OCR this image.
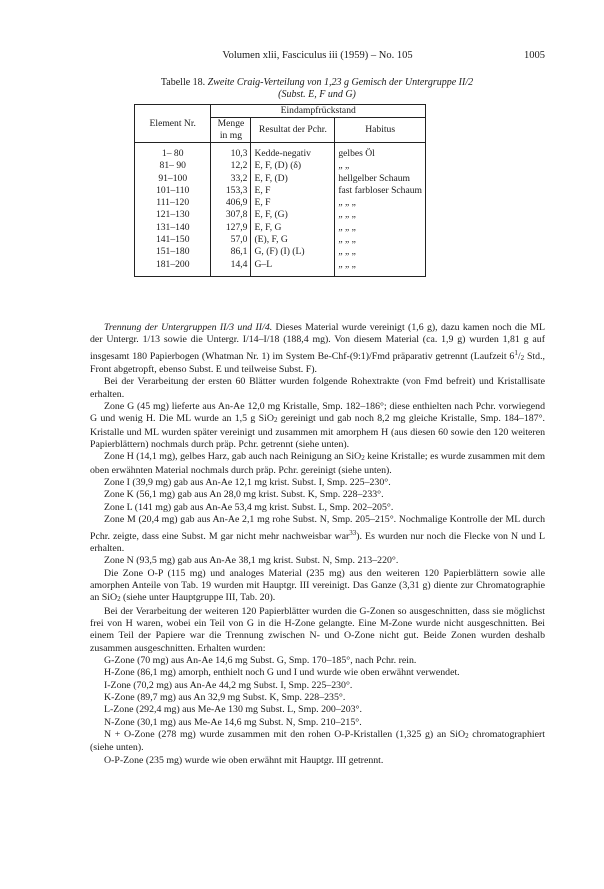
Volumen xlii, Fasciculus iii (1959) – No. 105	1005
Tabelle 18. Zweite Craig-Verteilung von 1,23 g Gemisch der Untergruppe II/2
(Subst. E, F und G)
Element Nr.	Eindampfrückstand		
	Menge in mg	Resultat der Pchr.	Habitus
1– 80	10,3	Kedde-negativ	gelbes Öl
81– 90	12,2	E, F, (D) (δ)	„ „
91–100	33,2	E, F, (D)	hellgelber Schaum
101–110	153,3	E, F	fast farbloser Schaum
111–120	406,9	E, F	„ „ „
121–130	307,8	E, F, (G)	„ „ „
131–140	127,9	E, F, G	„ „ „
141–150	57,0	(E), F, G	„ „ „
151–180	86,1	G, (F) (I) (L)	„ „ „
181–200	14,4	G–L	„ „ „

Trennung der Untergruppen II/3 und II/4. Dieses Material wurde vereinigt (1,6 g), dazu kamen noch die ML der Untergr. 1/13 sowie die Untergr. I/14–I/18 (188,4 mg). Von diesem Material (ca. 1,9 g) wurden 1,81 g auf insgesamt 180 Papierbogen (Whatman Nr. 1) im System Be-Chf-(9:1)/Fmd präparativ getrennt (Laufzeit $6^1/2$ Std., Front abgetropft, ebenso Subst. E und teilweise Subst. F).

Bei der Verarbeitung der ersten 60 Blätter wurden folgende Rohextrakte (von Fmd befreit) und Kristallisate erhalten.

Zone G (45 mg) lieferte aus An-Ae 12,0 mg Kristalle, Smp. 182–186°; diese enthielten nach Pchr. vorwiegend G und wenig H. Die ML wurde an 1,5 g SiO2 gereinigt und gab noch 8,2 mg gleiche Kristalle, Smp. 184–187°. Kristalle und ML wurden später vereinigt und zusammen mit amorphem H (aus diesen 60 sowie den 120 weiteren Papierblättern) nochmals durch präp. Pchr. getrennt (siehe unten).

Zone H (14,1 mg), gelbes Harz, gab auch nach Reinigung an SiO2 keine Kristalle; es wurde zusammen mit dem oben erwähnten Material nochmals durch präp. Pchr. gereinigt (siehe unten).

Zone I (39,9 mg) gab aus An-Ae 12,1 mg krist. Subst. I, Smp. 225–230°.

Zone K (56,1 mg) gab aus An 28,0 mg krist. Subst. K, Smp. 228–233°.

Zone L (141 mg) gab aus An-Ae 53,4 mg krist. Subst. L, Smp. 202–205°.

Zone M (20,4 mg) gab aus An-Ae 2,1 mg rohe Subst. N, Smp. 205–215°. Nochmalige Kontrolle der ML durch Pchr. zeigte, dass eine Subst. M gar nicht mehr nachweisbar war$^{33}$). Es wurden nur noch die Flecke von N und L erhalten.

Zone N (93,5 mg) gab aus An-Ae 38,1 mg krist. Subst. N, Smp. 213–220°.

Die Zone O-P (115 mg) und analoges Material (235 mg) aus den weiteren 120 Papierblättern sowie alle amorphen Anteile von Tab. 19 wurden mit Hauptgr. III vereinigt. Das Ganze (3,31 g) diente zur Chromatographie an SiO2 (siehe unter Hauptgruppe III, Tab. 20).

Bei der Verarbeitung der weiteren 120 Papierblätter wurden die G-Zonen so ausgeschnitten, dass sie möglichst frei von H waren, wobei ein Teil von G in die H-Zone gelangte. Eine M-Zone wurde nicht ausgeschnitten. Bei einem Teil der Papiere war die Trennung zwischen N- und O-Zone nicht gut. Beide Zonen wurden deshalb zusammen ausgeschnitten. Erhalten wurden:

G-Zone (70 mg) aus An-Ae 14,6 mg Subst. G, Smp. 170–185°, nach Pchr. rein.

H-Zone (86,1 mg) amorph, enthielt noch G und I und wurde wie oben erwähnt verwendet.

I-Zone (70,2 mg) aus An-Ae 44,2 mg Subst. I, Smp. 225–230°.

K-Zone (89,7 mg) aus An 32,9 mg Subst. K, Smp. 228–235°.

L-Zone (292,4 mg) aus Me-Ae 130 mg Subst. L, Smp. 200–203°.

N-Zone (30,1 mg) aus Me-Ae 14,6 mg Subst. N, Smp. 210–215°.

N + O-Zone (278 mg) wurde zusammen mit den rohen O-P-Kristallen (1,325 g) an SiO2 chromatographiert (siehe unten).

O-P-Zone (235 mg) wurde wie oben erwähnt mit Hauptgr. III getrennt.
